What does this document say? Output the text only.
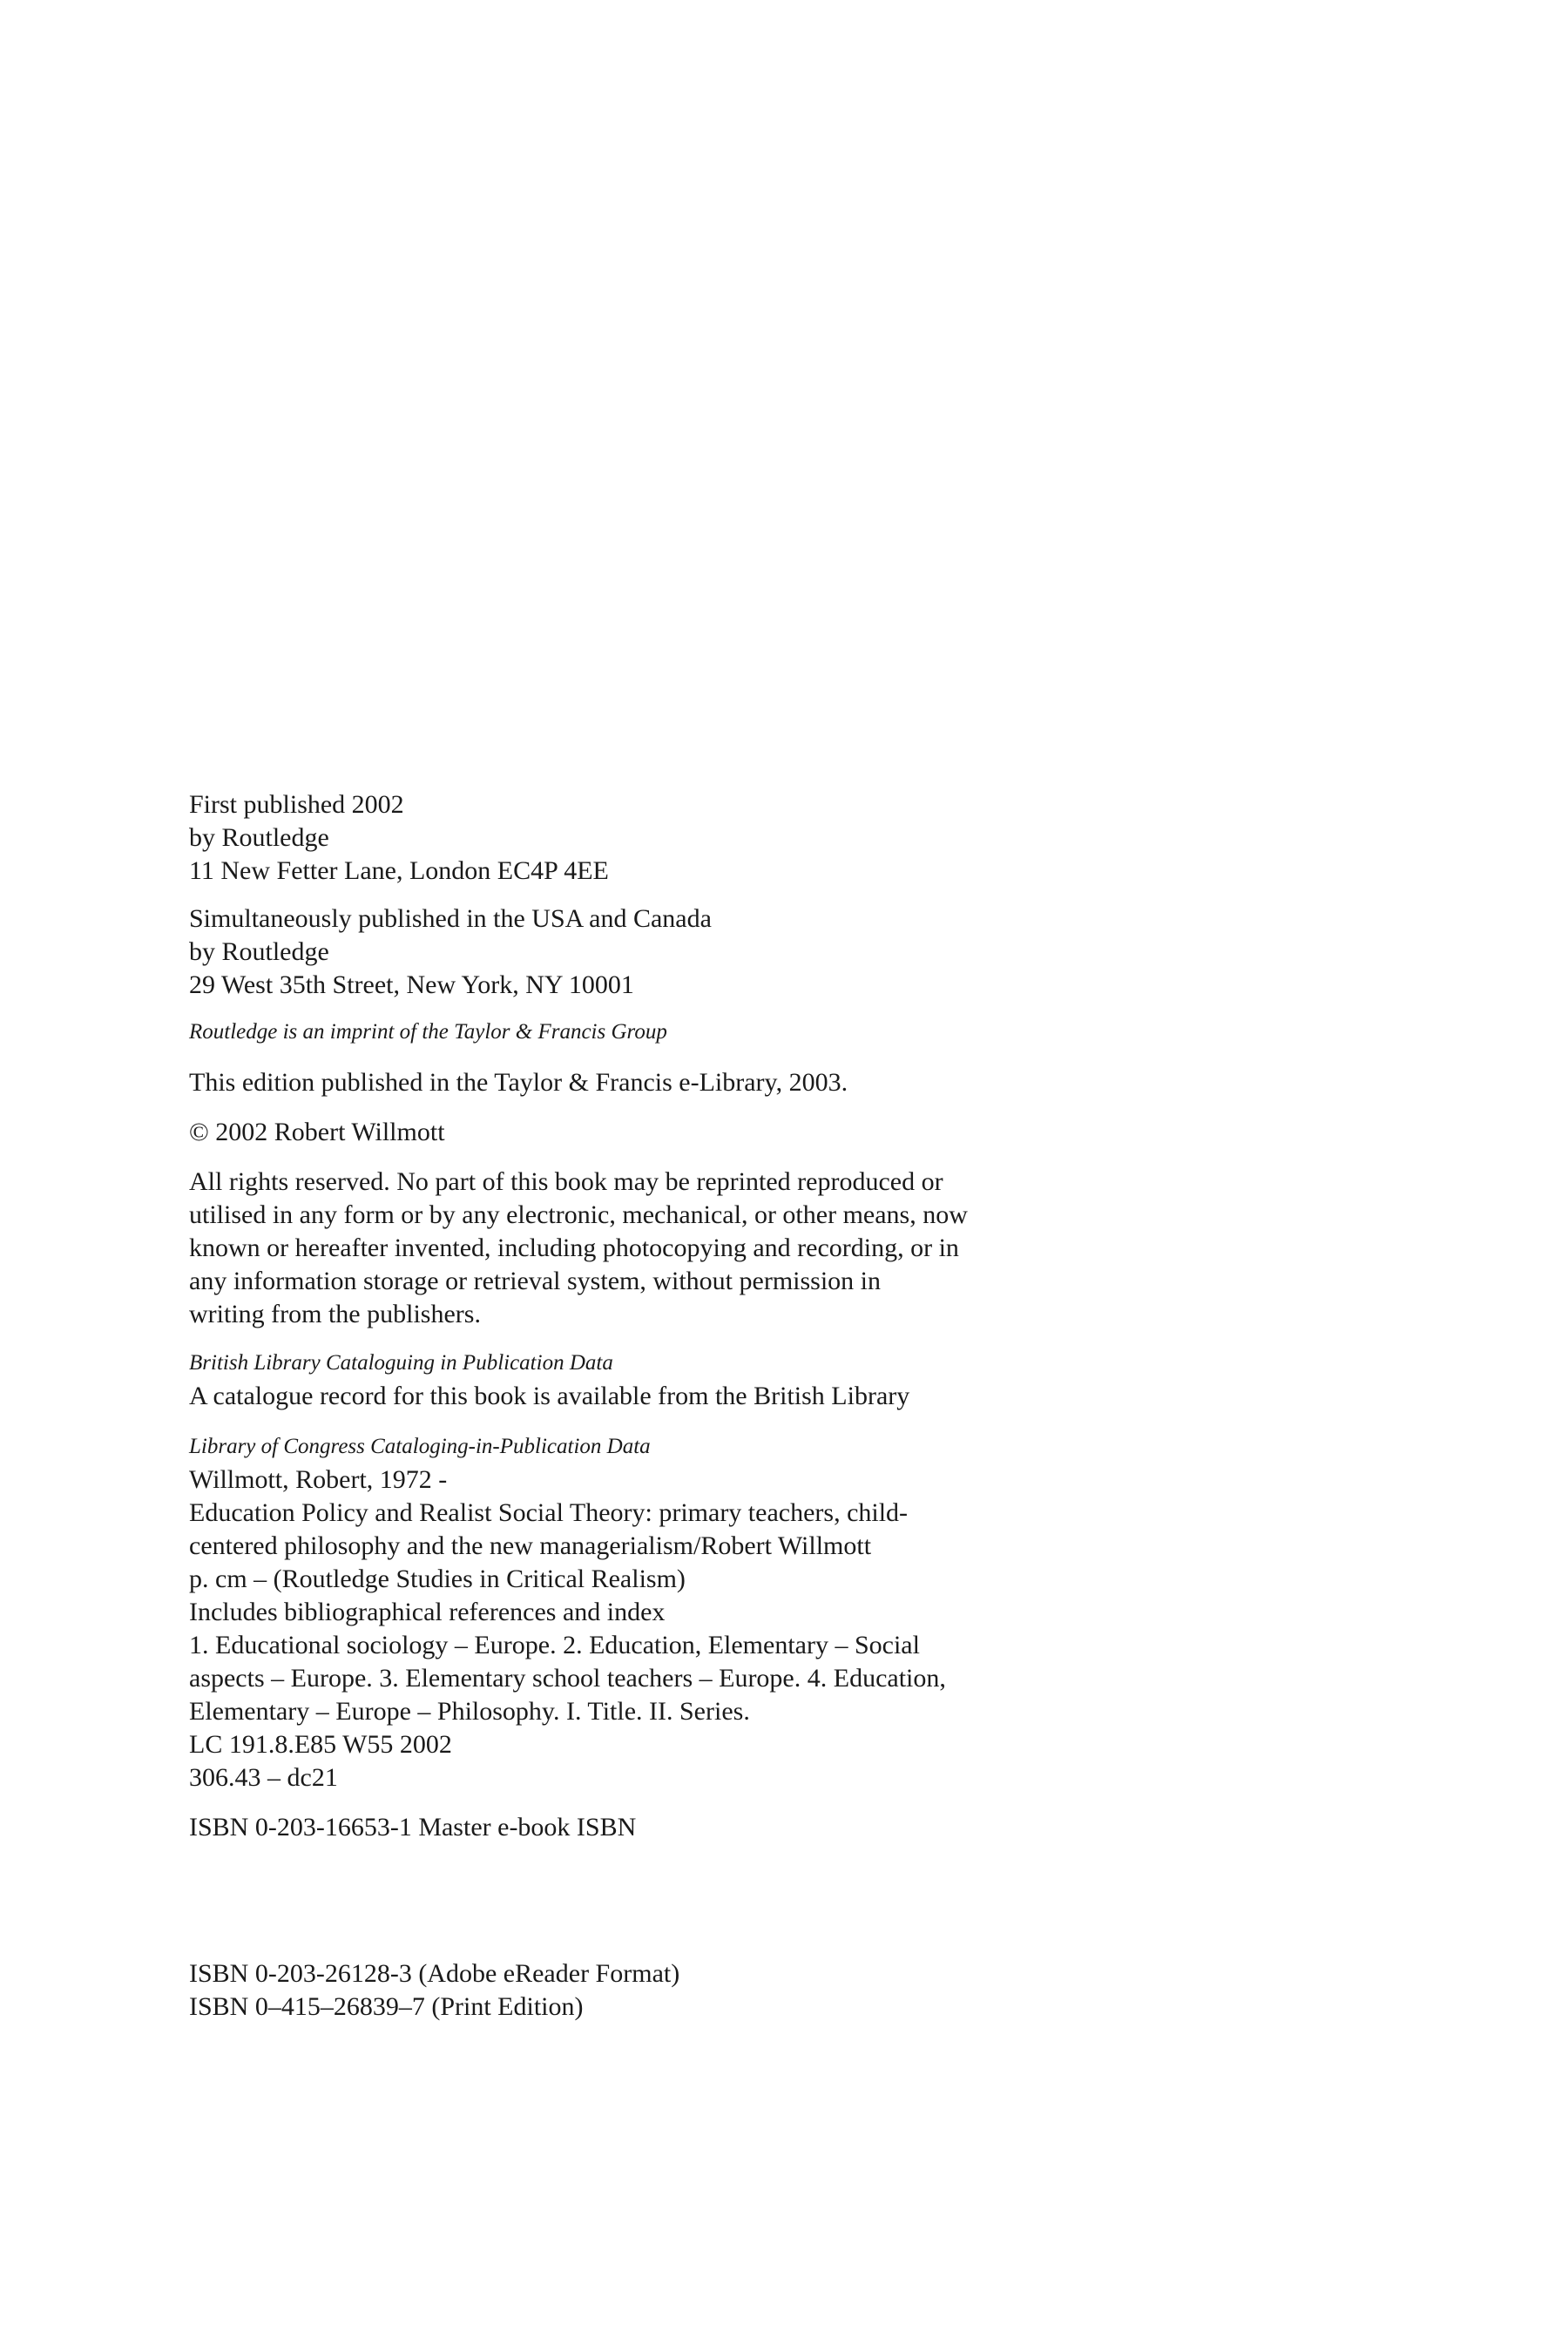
First published 2002
by Routledge
11 New Fetter Lane, London EC4P 4EE
Simultaneously published in the USA and Canada
by Routledge
29 West 35th Street, New York, NY 10001
Routledge is an imprint of the Taylor & Francis Group
This edition published in the Taylor & Francis e-Library, 2003.
© 2002 Robert Willmott
All rights reserved. No part of this book may be reprinted reproduced or
utilised in any form or by any electronic, mechanical, or other means, now
known or hereafter invented, including photocopying and recording, or in
any information storage or retrieval system, without permission in
writing from the publishers.
British Library Cataloguing in Publication Data
A catalogue record for this book is available from the British Library
Library of Congress Cataloging-in-Publication Data
Willmott, Robert, 1972 -
Education Policy and Realist Social Theory: primary teachers, child-
centered philosophy and the new managerialism/Robert Willmott
p. cm – (Routledge Studies in Critical Realism)
Includes bibliographical references and index
1. Educational sociology – Europe. 2. Education, Elementary – Social
aspects – Europe. 3. Elementary school teachers – Europe. 4. Education,
Elementary – Europe – Philosophy. I. Title. II. Series.
LC 191.8.E85 W55 2002
306.43 – dc21
ISBN 0-203-16653-1 Master e-book ISBN
ISBN 0-203-26128-3 (Adobe eReader Format)
ISBN 0–415–26839–7 (Print Edition)
